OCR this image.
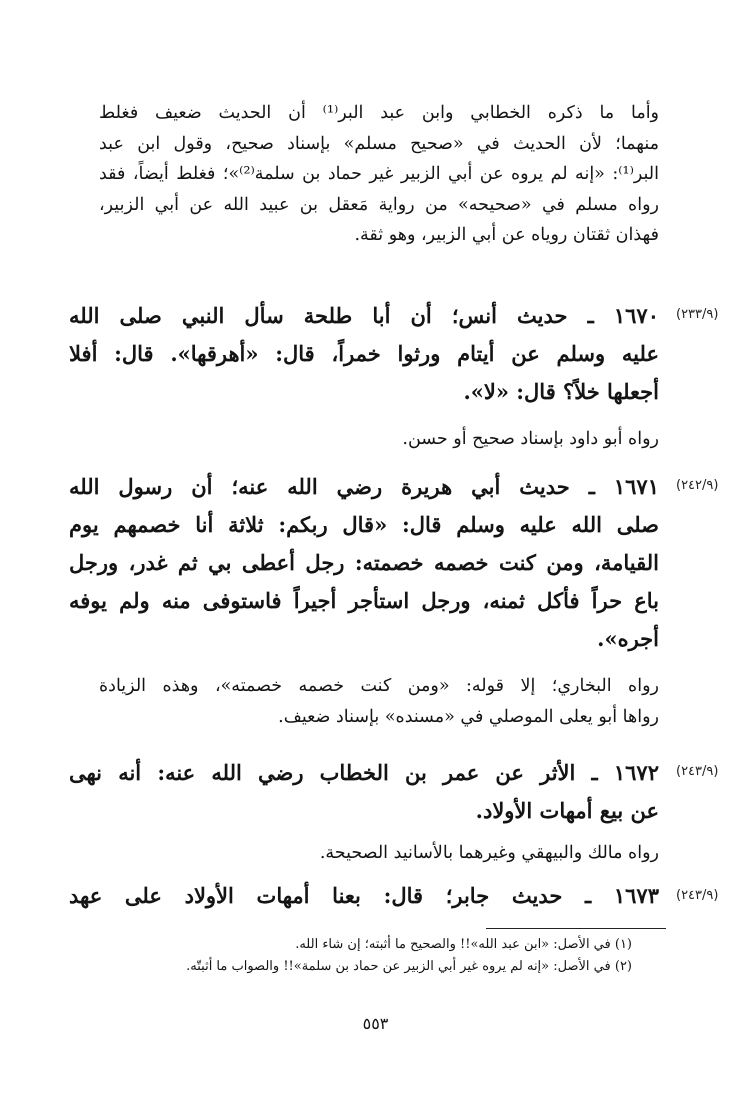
وأما ما ذكره الخطابي وابن عبد البر⁽¹⁾ أن الحديث ضعيف فغلط
منهما؛ لأن الحديث في «صحيح مسلم» بإسناد صحيح، وقول ابن عبد
البر⁽¹⁾: «إنه لم يروه عن أبي الزبير غير حماد بن سلمة⁽²⁾»؛ فغلط أيضاً، فقد
رواه مسلم في «صحيحه» من رواية مَعقل بن عبيد الله عن أبي الزبير،
فهذان ثقتان روياه عن أبي الزبير، وهو ثقة.
(٢٣٣/٩)
١٦٧٠ ـ حديث أنس؛ أن أبا طلحة سأل النبي صلى الله
عليه وسلم عن أيتام ورثوا خمراً، قال: «أهرقها». قال: أفلا
أجعلها خلاً؟ قال: «لا».
رواه أبو داود بإسناد صحيح أو حسن.
(٢٤٢/٩)
١٦٧١ ـ حديث أبي هريرة رضي الله عنه؛ أن رسول الله
صلى الله عليه وسلم قال: «قال ربكم: ثلاثة أنا خصمهم يوم
القيامة، ومن كنت خصمه خصمته: رجل أعطى بي ثم غدر، ورجل
باع حراً فأكل ثمنه، ورجل استأجر أجيراً فاستوفى منه ولم يوفه
أجره».
رواه البخاري؛ إلا قوله: «ومن كنت خصمه خصمته»، وهذه الزيادة
رواها أبو يعلى الموصلي في «مسنده» بإسناد ضعيف.
(٢٤٣/٩)
١٦٧٢ ـ الأثر عن عمر بن الخطاب رضي الله عنه: أنه نهى
عن بيع أمهات الأولاد.
رواه مالك والبيهقي وغيرهما بالأسانيد الصحيحة.
(٢٤٣/٩)
١٦٧٣ ـ حديث جابر؛ قال: بعنا أمهات الأولاد على عهد
(١) في الأصل: «ابن عبد الله»!! والصحيح ما أثبته؛ إن شاء الله.
(٢) في الأصل: «إنه لم يروه غير أبي الزبير عن حماد بن سلمة»!! والصواب ما أثبتّه.
٥٥٣
